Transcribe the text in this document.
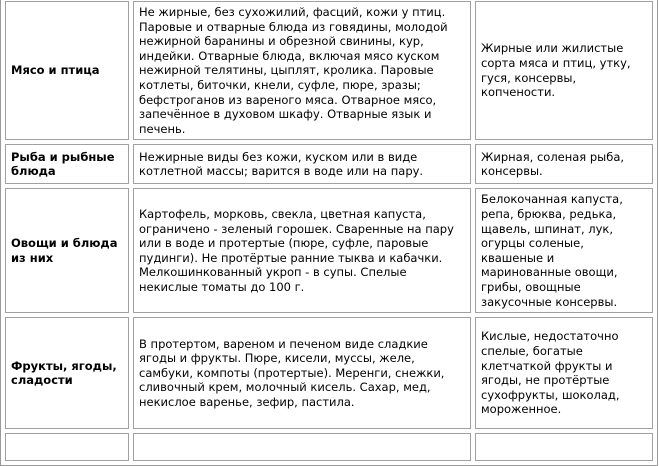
Мясо и птица	Не жирные, без сухожилий, фасций, кожи у птиц. Паровые и отварные блюда из говядины, молодой нежирной баранины и обрезной свинины, кур, индейки. Отварные блюда, включая мясо куском нежирной телятины, цыплят, кролика. Паровые котлеты, биточки, кнели, суфле, пюре, зразы; бефстроганов из вареного мяса. Отварное мясо, запечённое в духовом шкафу. Отварные язык и печень.	Жирные или жилистые сорта мяса и птиц, утку, гуся, консервы, копчености.
Рыба и рыбные блюда	Нежирные виды без кожи, куском или в виде котлетной массы; варится в воде или на пару.	Жирная, соленая рыба, консервы.
Овощи и блюда из них	Картофель, морковь, свекла, цветная капуста, ограничено - зеленый горошек. Сваренные на пару или в воде и протертые (пюре, суфле, паровые пудинги). Не протёртые ранние тыква и кабачки. Мелкошинкованный укроп - в супы. Спелые некислые томаты до 100 г.	Белокочанная капуста, репа, брюква, редька, щавель, шпинат, лук, огурцы соленые, квашеные и маринованные овощи, грибы, овощные закусочные консервы.
Фрукты, ягоды, сладости	В протертом, вареном и печеном виде сладкие ягоды и фрукты. Пюре, кисели, муссы, желе, самбуки, компоты (протертые). Меренги, снежки, сливочный крем, молочный кисель. Сахар, мед, некислое варенье, зефир, пастила.	Кислые, недостаточно спелые, богатые клетчаткой фрукты и ягоды, не протёртые сухофрукты, шоколад, мороженное.
